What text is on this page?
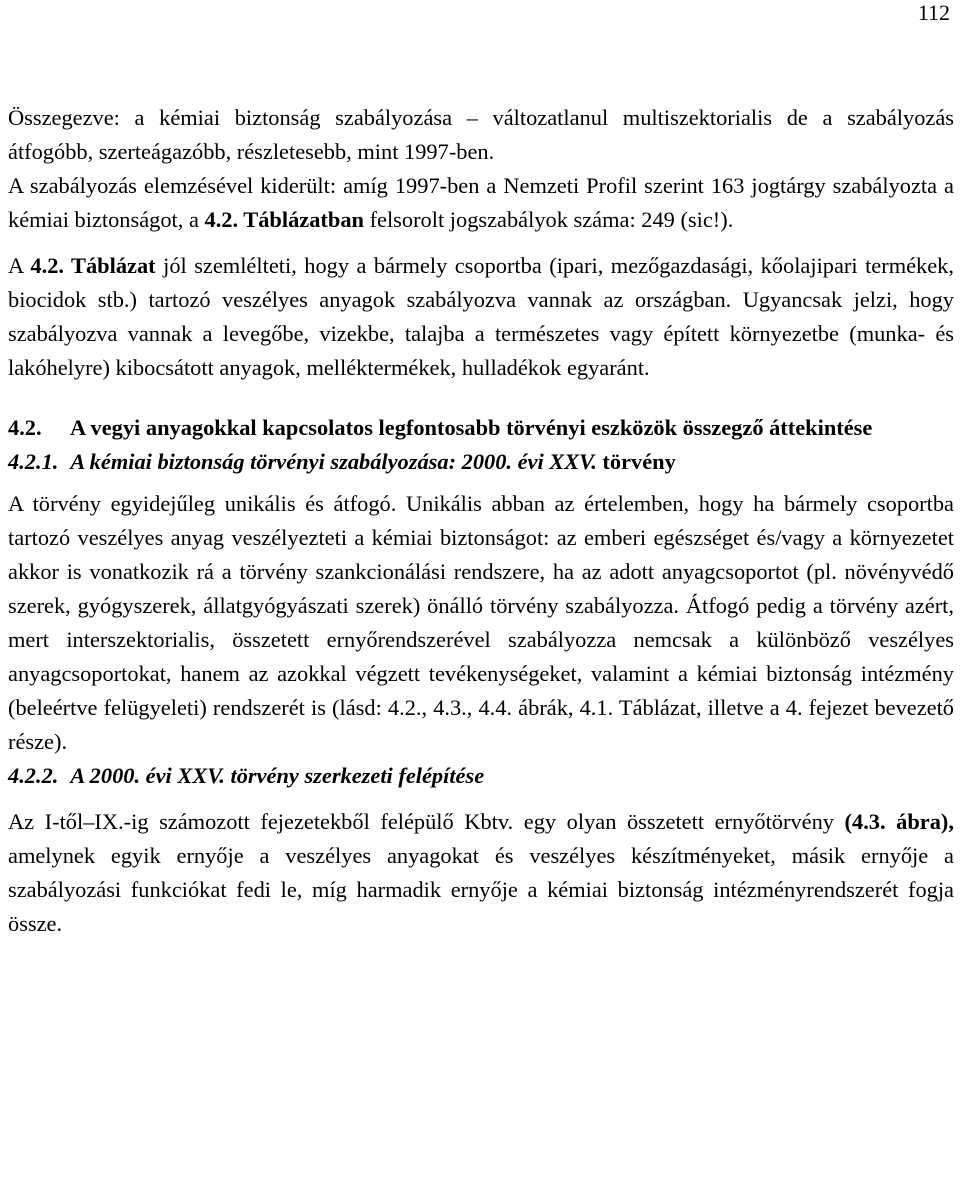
112

Összegezve: a kémiai biztonság szabályozása – változatlanul multiszektorialis de a szabályozás átfogóbb, szerteágazóbb, részletesebb, mint 1997-ben.

A szabályozás elemzésével kiderült: amíg 1997-ben a Nemzeti Profil szerint 163 jogtárgy szabályozta a kémiai biztonságot, a 4.2. Táblázatban felsorolt jogszabályok száma: 249 (sic!).

A 4.2. Táblázat jól szemlélteti, hogy a bármely csoportba (ipari, mezőgazdasági, kőolajipari termékek, biocidok stb.) tartozó veszélyes anyagok szabályozva vannak az országban. Ugyancsak jelzi, hogy szabályozva vannak a levegőbe, vizekbe, talajba a természetes vagy épített környezetbe (munka- és lakóhelyre) kibocsátott anyagok, melléktermékek, hulladékok egyaránt.

4.2.	A vegyi anyagokkal kapcsolatos legfontosabb törvényi eszközök összegző áttekintése

4.2.1. A kémiai biztonság törvényi szabályozása: 2000. évi XXV. törvény

A törvény egyidejűleg unikális és átfogó. Unikális abban az értelemben, hogy ha bármely csoportba tartozó veszélyes anyag veszélyezteti a kémiai biztonságot: az emberi egészséget és/vagy a környezetet akkor is vonatkozik rá a törvény szankcionálási rendszere, ha az adott anyagcsoportot (pl. növényvédő szerek, gyógyszerek, állatgyógyászati szerek) önálló törvény szabályozza. Átfogó pedig a törvény azért, mert interszektorialis, összetett ernyőrendszerével szabályozza nemcsak a különböző veszélyes anyagcsoportokat, hanem az azokkal végzett tevékenységeket, valamint a kémiai biztonság intézmény (beleértve felügyeleti) rendszerét is (lásd: 4.2., 4.3., 4.4. ábrák, 4.1. Táblázat, illetve a 4. fejezet bevezető része).

4.2.2. A 2000. évi XXV. törvény szerkezeti felépítése

Az I-től–IX.-ig számozott fejezetekből felépülő Kbtv. egy olyan összetett ernyőtörvény (4.3. ábra), amelynek egyik ernyője a veszélyes anyagokat és veszélyes készítményeket, másik ernyője a szabályozási funkciókat fedi le, míg harmadik ernyője a kémiai biztonság intézményrendszerét fogja össze.
